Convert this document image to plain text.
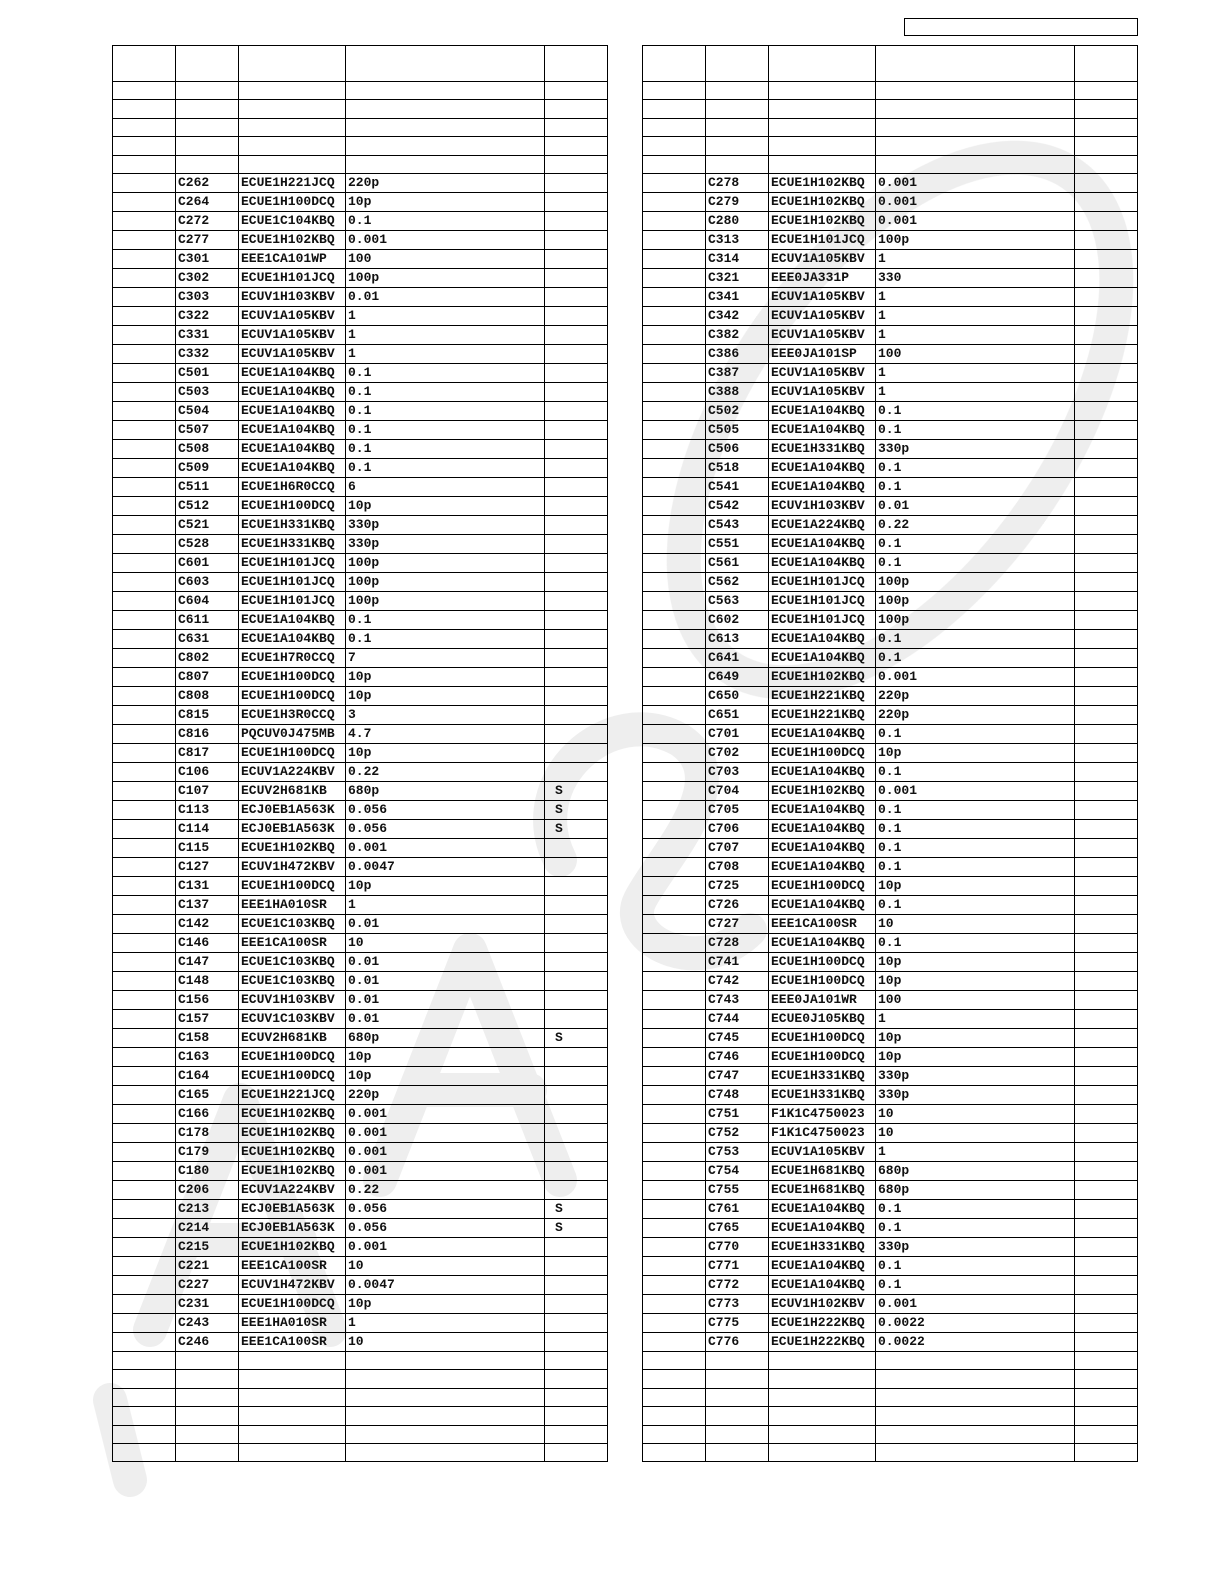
	C262	ECUE1H221JCQ	220p	
	C264	ECUE1H100DCQ	10p	
	C272	ECUE1C104KBQ	0.1	
	C277	ECUE1H102KBQ	0.001	
	C301	EEE1CA101WP	100	
	C302	ECUE1H101JCQ	100p	
	C303	ECUV1H103KBV	0.01	
	C322	ECUV1A105KBV	1	
	C331	ECUV1A105KBV	1	
	C332	ECUV1A105KBV	1	
	C501	ECUE1A104KBQ	0.1	
	C503	ECUE1A104KBQ	0.1	
	C504	ECUE1A104KBQ	0.1	
	C507	ECUE1A104KBQ	0.1	
	C508	ECUE1A104KBQ	0.1	
	C509	ECUE1A104KBQ	0.1	
	C511	ECUE1H6R0CCQ	6	
	C512	ECUE1H100DCQ	10p	
	C521	ECUE1H331KBQ	330p	
	C528	ECUE1H331KBQ	330p	
	C601	ECUE1H101JCQ	100p	
	C603	ECUE1H101JCQ	100p	
	C604	ECUE1H101JCQ	100p	
	C611	ECUE1A104KBQ	0.1	
	C631	ECUE1A104KBQ	0.1	
	C802	ECUE1H7R0CCQ	7	
	C807	ECUE1H100DCQ	10p	
	C808	ECUE1H100DCQ	10p	
	C815	ECUE1H3R0CCQ	3	
	C816	PQCUV0J475MB	4.7	
	C817	ECUE1H100DCQ	10p	
	C106	ECUV1A224KBV	0.22	
	C107	ECUV2H681KB	680p	S
	C113	ECJ0EB1A563K	0.056	S
	C114	ECJ0EB1A563K	0.056	S
	C115	ECUE1H102KBQ	0.001	
	C127	ECUV1H472KBV	0.0047	
	C131	ECUE1H100DCQ	10p	
	C137	EEE1HA010SR	1	
	C142	ECUE1C103KBQ	0.01	
	C146	EEE1CA100SR	10	
	C147	ECUE1C103KBQ	0.01	
	C148	ECUE1C103KBQ	0.01	
	C156	ECUV1H103KBV	0.01	
	C157	ECUV1C103KBV	0.01	
	C158	ECUV2H681KB	680p	S
	C163	ECUE1H100DCQ	10p	
	C164	ECUE1H100DCQ	10p	
	C165	ECUE1H221JCQ	220p	
	C166	ECUE1H102KBQ	0.001	
	C178	ECUE1H102KBQ	0.001	
	C179	ECUE1H102KBQ	0.001	
	C180	ECUE1H102KBQ	0.001	
	C206	ECUV1A224KBV	0.22	
	C213	ECJ0EB1A563K	0.056	S
	C214	ECJ0EB1A563K	0.056	S
	C215	ECUE1H102KBQ	0.001	
	C221	EEE1CA100SR	10	
	C227	ECUV1H472KBV	0.0047	
	C231	ECUE1H100DCQ	10p	
	C243	EEE1HA010SR	1	
	C246	EEE1CA100SR	10	

	C278	ECUE1H102KBQ	0.001	
	C279	ECUE1H102KBQ	0.001	
	C280	ECUE1H102KBQ	0.001	
	C313	ECUE1H101JCQ	100p	
	C314	ECUV1A105KBV	1	
	C321	EEE0JA331P	330	
	C341	ECUV1A105KBV	1	
	C342	ECUV1A105KBV	1	
	C382	ECUV1A105KBV	1	
	C386	EEE0JA101SP	100	
	C387	ECUV1A105KBV	1	
	C388	ECUV1A105KBV	1	
	C502	ECUE1A104KBQ	0.1	
	C505	ECUE1A104KBQ	0.1	
	C506	ECUE1H331KBQ	330p	
	C518	ECUE1A104KBQ	0.1	
	C541	ECUE1A104KBQ	0.1	
	C542	ECUV1H103KBV	0.01	
	C543	ECUE1A224KBQ	0.22	
	C551	ECUE1A104KBQ	0.1	
	C561	ECUE1A104KBQ	0.1	
	C562	ECUE1H101JCQ	100p	
	C563	ECUE1H101JCQ	100p	
	C602	ECUE1H101JCQ	100p	
	C613	ECUE1A104KBQ	0.1	
	C641	ECUE1A104KBQ	0.1	
	C649	ECUE1H102KBQ	0.001	
	C650	ECUE1H221KBQ	220p	
	C651	ECUE1H221KBQ	220p	
	C701	ECUE1A104KBQ	0.1	
	C702	ECUE1H100DCQ	10p	
	C703	ECUE1A104KBQ	0.1	
	C704	ECUE1H102KBQ	0.001	
	C705	ECUE1A104KBQ	0.1	
	C706	ECUE1A104KBQ	0.1	
	C707	ECUE1A104KBQ	0.1	
	C708	ECUE1A104KBQ	0.1	
	C725	ECUE1H100DCQ	10p	
	C726	ECUE1A104KBQ	0.1	
	C727	EEE1CA100SR	10	
	C728	ECUE1A104KBQ	0.1	
	C741	ECUE1H100DCQ	10p	
	C742	ECUE1H100DCQ	10p	
	C743	EEE0JA101WR	100	
	C744	ECUE0J105KBQ	1	
	C745	ECUE1H100DCQ	10p	
	C746	ECUE1H100DCQ	10p	
	C747	ECUE1H331KBQ	330p	
	C748	ECUE1H331KBQ	330p	
	C751	F1K1C4750023	10	
	C752	F1K1C4750023	10	
	C753	ECUV1A105KBV	1	
	C754	ECUE1H681KBQ	680p	
	C755	ECUE1H681KBQ	680p	
	C761	ECUE1A104KBQ	0.1	
	C765	ECUE1A104KBQ	0.1	
	C770	ECUE1H331KBQ	330p	
	C771	ECUE1A104KBQ	0.1	
	C772	ECUE1A104KBQ	0.1	
	C773	ECUV1H102KBV	0.001	
	C775	ECUE1H222KBQ	0.0022	
	C776	ECUE1H222KBQ	0.0022	
